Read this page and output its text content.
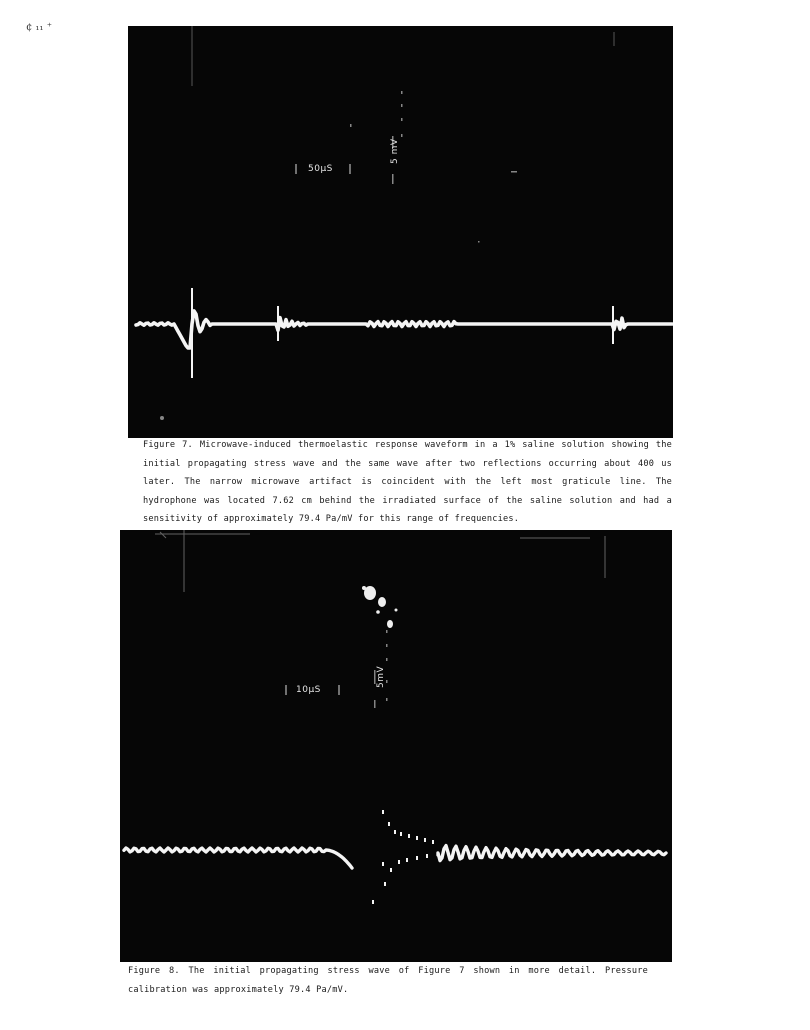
¢ ₁₁ ⁺
50μS
5 mV

Figure 7. Microwave-induced thermoelastic response waveform in a 1% saline solution showing the initial propagating stress wave and the same wave after two reflections occurring about 400 us later. The narrow microwave artifact is coincident with the left most graticule line. The hydrophone was located 7.62 cm behind the irradiated surface of the saline solution and had a sensitivity of approximately 79.4 Pa/mV for this range of frequencies.

10μS
5mV

Figure 8. The initial propagating stress wave of Figure 7 shown in more detail. Pressure calibration was approximately 79.4 Pa/mV.
